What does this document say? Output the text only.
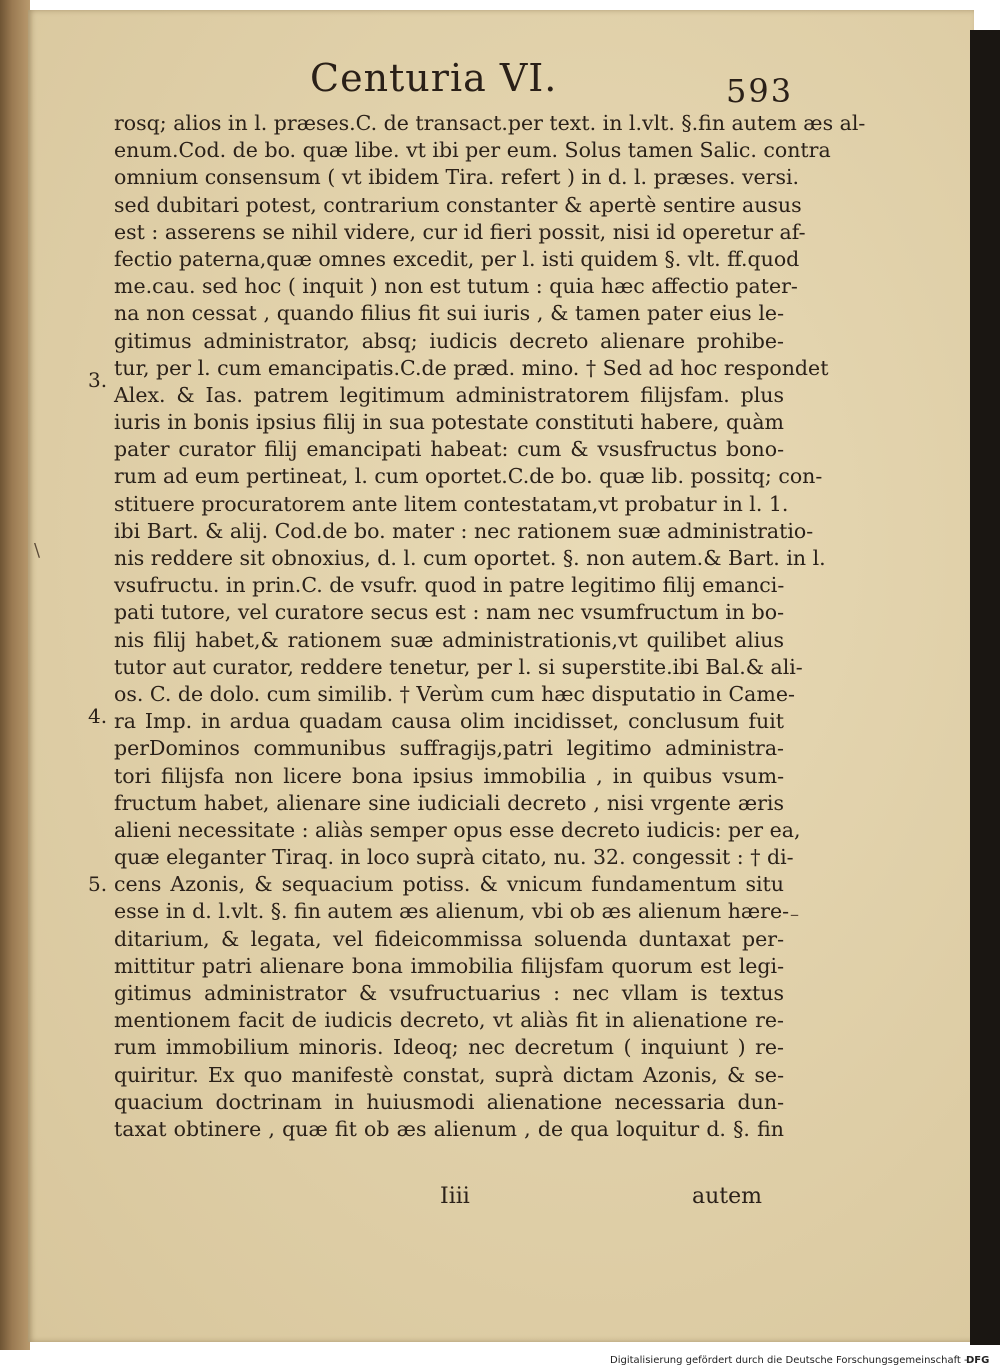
Centuria VI.	593
rosq; alios in l. præses.C. de transact.per text. in l.vlt. §.fin autem æs al-
enum.Cod. de bo. quæ libe. vt ibi per eum. Solus tamen Salic. contra
omnium consensum ( vt ibidem Tira. refert ) in d. l. præses. versi.
sed dubitari potest, contrarium constanter & apertè sentire ausus
est : asserens se nihil videre, cur id fieri possit, nisi id operetur af-
fectio paterna,quæ omnes excedit, per l. isti quidem §. vlt. ff.quod
me.cau. sed hoc ( inquit ) non est tutum : quia hæc affectio pater-
na non cessat , quando filius fit sui iuris , & tamen pater eius le-
gitimus administrator, absq; iudicis decreto alienare prohibe-
tur, per l. cum emancipatis.C.de præd. mino. † Sed ad hoc respondet
Alex. & Ias. patrem legitimum administratorem filijsfam. plus
iuris in bonis ipsius filij in sua potestate constituti habere, quàm
pater curator filij emancipati habeat: cum & vsusfructus bono-
rum ad eum pertineat, l. cum oportet.C.de bo. quæ lib. possitq; con-
stituere procuratorem ante litem contestatam,vt probatur in l. 1.
ibi Bart. & alij. Cod.de bo. mater : nec rationem suæ administratio-
nis reddere sit obnoxius, d. l. cum oportet. §. non autem.& Bart. in l.
vsufructu. in prin.C. de vsufr. quod in patre legitimo filij emanci-
pati tutore, vel curatore secus est : nam nec vsumfructum in bo-
nis filij habet,& rationem suæ administrationis,vt quilibet alius
tutor aut curator, reddere tenetur, per l. si superstite.ibi Bal.& ali-
os. C. de dolo. cum similib. † Verùm cum hæc disputatio in Came-
ra Imp. in ardua quadam causa olim incidisset, conclusum fuit
perDominos communibus suffragijs,patri legitimo administra-
tori filijsfa non licere bona ipsius immobilia , in quibus vsum-
fructum habet, alienare sine iudiciali decreto , nisi vrgente æris
alieni necessitate : aliàs semper opus esse decreto iudicis: per ea,
quæ eleganter Tiraq. in loco suprà citato, nu. 32. congessit : † di-
cens Azonis, & sequacium potiss. & vnicum fundamentum situ
esse in d. l.vlt. §. fin autem æs alienum, vbi ob æs alienum hære-
ditarium, & legata, vel fideicommissa soluenda duntaxat per-
mittitur patri alienare bona immobilia filijsfam quorum est legi-
gitimus administrator & vsufructuarius : nec vllam is textus
mentionem facit de iudicis decreto, vt aliàs fit in alienatione re-
rum immobilium minoris. Ideoq; nec decretum ( inquiunt ) re-
quiritur. Ex quo manifestè constat, suprà dictam Azonis, & se-
quacium doctrinam in huiusmodi alienatione necessaria dun-
taxat obtinere , quæ fit ob æs alienum , de qua loquitur d. §. fin
3.
4.
5.
\
–
Iiii	autem
Digitalisierung gefördert durch die Deutsche Forschungsgemeinschaft -
DFG
